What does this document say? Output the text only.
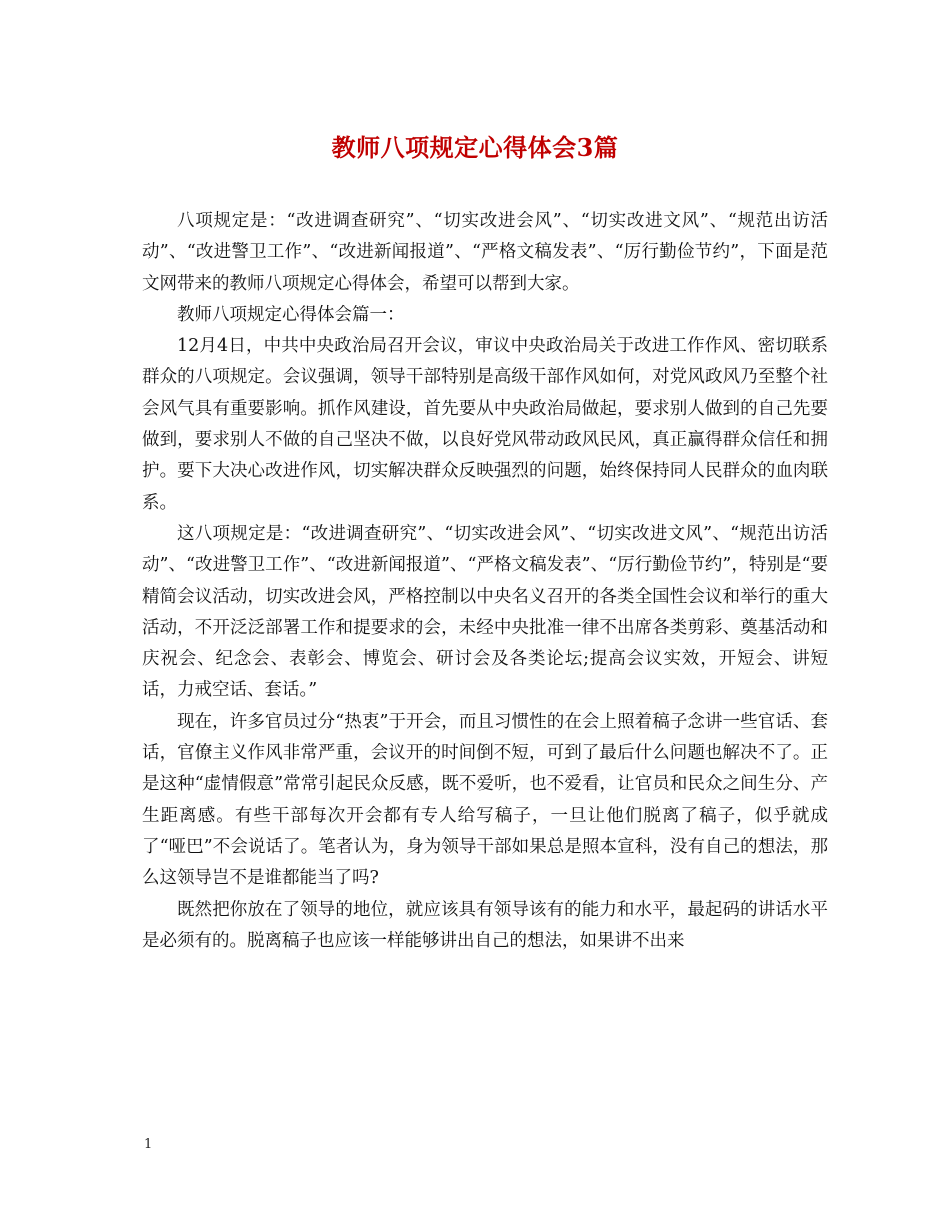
教师八项规定心得体会3篇

八项规定是：“改进调查研究”、“切实改进会风”、“切实改进文风”、“规范出访活动”、“改进警卫工作”、“改进新闻报道”、“严格文稿发表”、“厉行勤俭节约”，下面是范文网带来的教师八项规定心得体会，希望可以帮到大家。

教师八项规定心得体会篇一：

12月4日，中共中央政治局召开会议，审议中央政治局关于改进工作作风、密切联系群众的八项规定。会议强调，领导干部特别是高级干部作风如何，对党风政风乃至整个社会风气具有重要影响。抓作风建设，首先要从中央政治局做起，要求别人做到的自己先要做到，要求别人不做的自己坚决不做，以良好党风带动政风民风，真正赢得群众信任和拥护。要下大决心改进作风，切实解决群众反映强烈的问题，始终保持同人民群众的血肉联系。

这八项规定是：“改进调查研究”、“切实改进会风”、“切实改进文风”、“规范出访活动”、“改进警卫工作”、“改进新闻报道”、“严格文稿发表”、“厉行勤俭节约”，特别是“要精简会议活动，切实改进会风，严格控制以中央名义召开的各类全国性会议和举行的重大活动，不开泛泛部署工作和提要求的会，未经中央批准一律不出席各类剪彩、奠基活动和庆祝会、纪念会、表彰会、博览会、研讨会及各类论坛;提高会议实效，开短会、讲短话，力戒空话、套话。”

现在，许多官员过分“热衷”于开会，而且习惯性的在会上照着稿子念讲一些官话、套话，官僚主义作风非常严重，会议开的时间倒不短，可到了最后什么问题也解决不了。正是这种“虚情假意”常常引起民众反感，既不爱听，也不爱看，让官员和民众之间生分、产生距离感。有些干部每次开会都有专人给写稿子，一旦让他们脱离了稿子，似乎就成了“哑巴”不会说话了。笔者认为，身为领导干部如果总是照本宣科，没有自己的想法，那么这领导岂不是谁都能当了吗?

既然把你放在了领导的地位，就应该具有领导该有的能力和水平，最起码的讲话水平是必须有的。脱离稿子也应该一样能够讲出自己的想法，如果讲不出来

1
